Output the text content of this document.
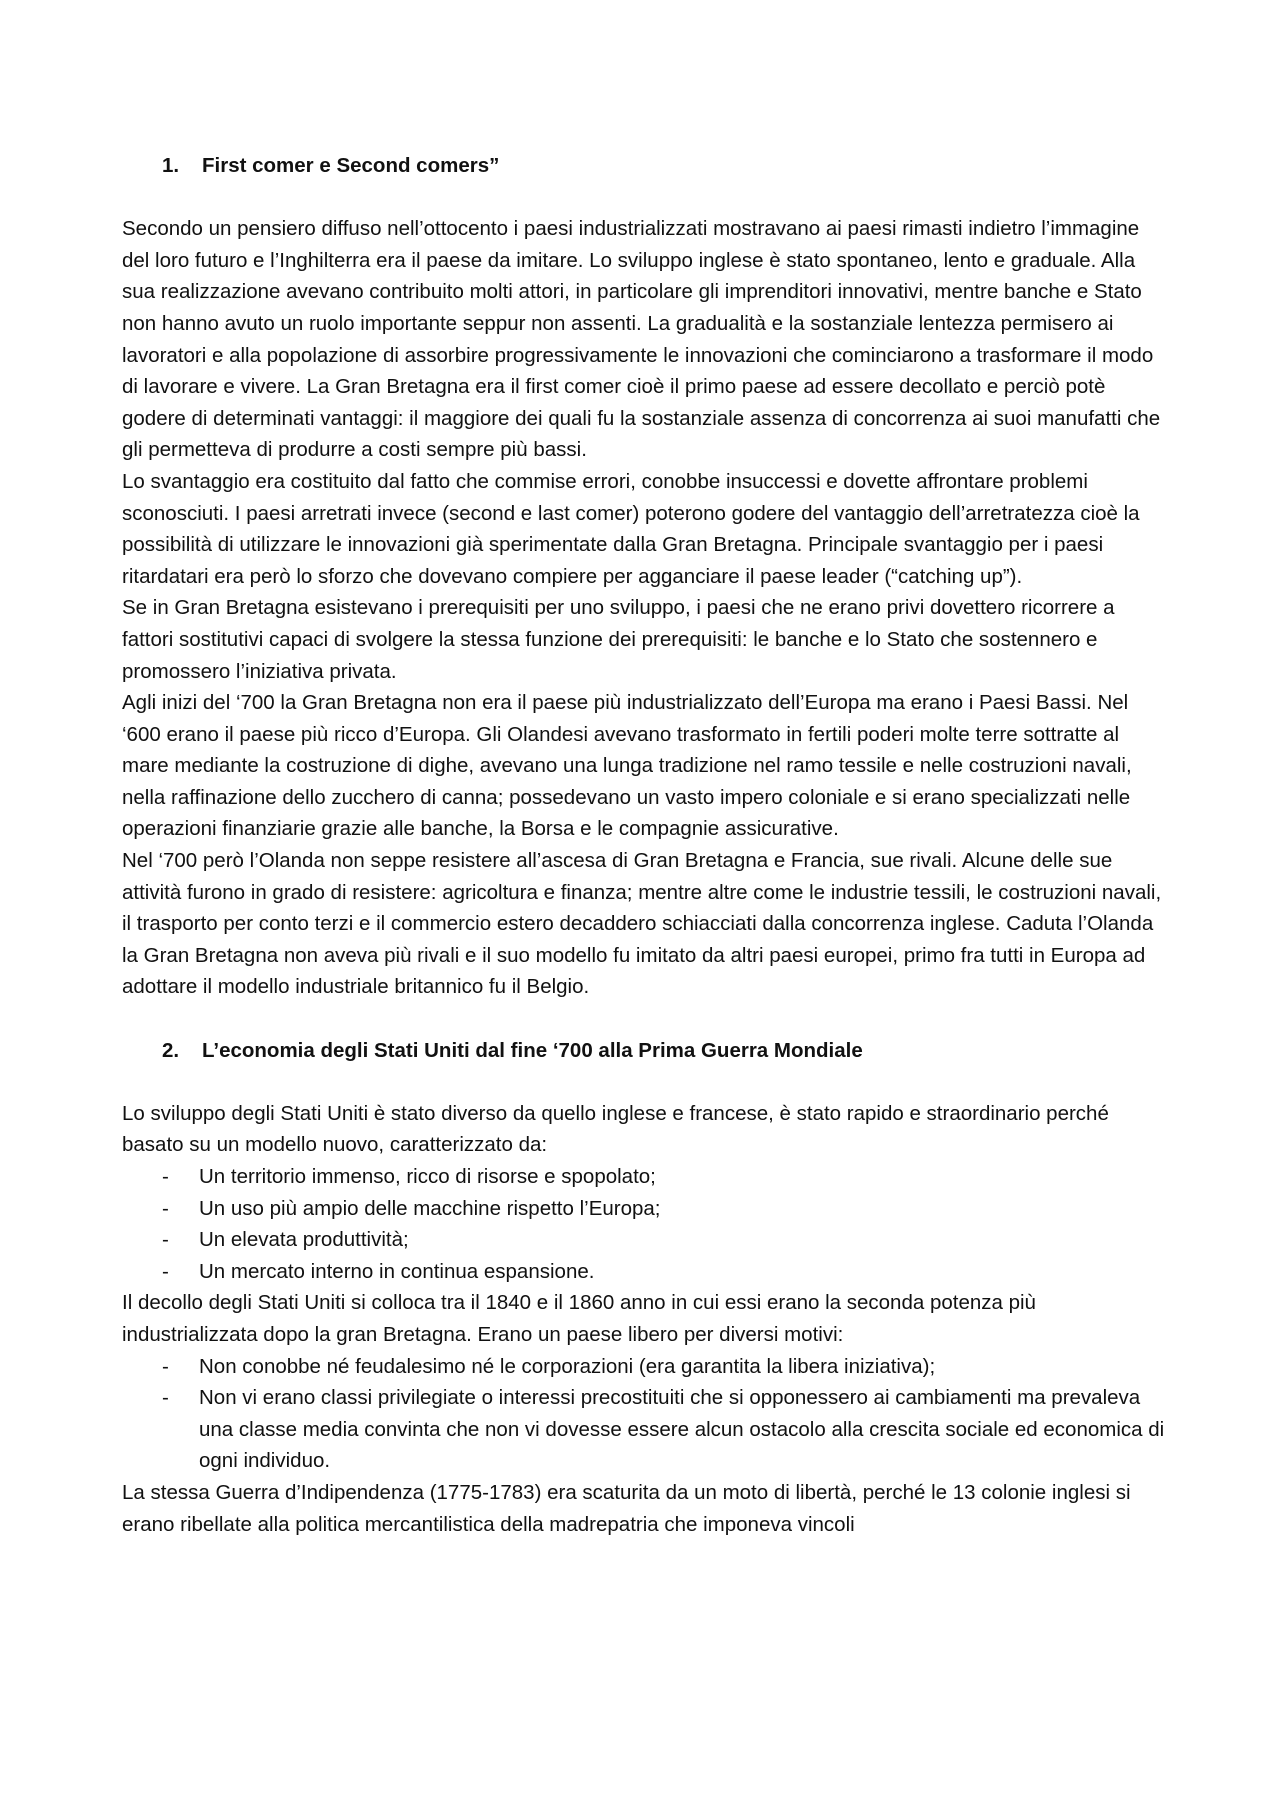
1.	First comer e Second comers”

Secondo un pensiero diffuso nell’ottocento i paesi industrializzati mostravano ai paesi rimasti indietro l’immagine del loro futuro e l’Inghilterra era il paese da imitare. Lo sviluppo inglese è stato spontaneo, lento e graduale. Alla sua realizzazione avevano contribuito molti attori, in particolare gli imprenditori innovativi, mentre banche e Stato non hanno avuto un ruolo importante seppur non assenti. La gradualità e la sostanziale lentezza permisero ai lavoratori e alla popolazione di assorbire progressivamente le innovazioni che cominciarono a trasformare il modo di lavorare e vivere. La Gran Bretagna era il first comer cioè il primo paese ad essere decollato e perciò potè godere di determinati vantaggi: il maggiore dei quali fu la sostanziale assenza di concorrenza ai suoi manufatti che gli permetteva di produrre a costi sempre più bassi.

Lo svantaggio era costituito dal fatto che commise errori, conobbe insuccessi e dovette affrontare problemi sconosciuti. I paesi arretrati invece (second e last comer) poterono godere del vantaggio dell’arretratezza cioè la possibilità di utilizzare le innovazioni già sperimentate dalla Gran Bretagna. Principale svantaggio per i paesi ritardatari era però lo sforzo che dovevano compiere per agganciare il paese leader (“catching up”).

Se in Gran Bretagna esistevano i prerequisiti per uno sviluppo, i paesi che ne erano privi dovettero ricorrere a fattori sostitutivi capaci di svolgere la stessa funzione dei prerequisiti: le banche e lo Stato che sostennero e promossero l’iniziativa privata.

Agli inizi del ‘700 la Gran Bretagna non era il paese più industrializzato dell’Europa ma erano i Paesi Bassi. Nel ‘600 erano il paese più ricco d’Europa. Gli Olandesi avevano trasformato in fertili poderi molte terre sottratte al mare mediante la costruzione di dighe, avevano una lunga tradizione nel ramo tessile e nelle costruzioni navali, nella raffinazione dello zucchero di canna; possedevano un vasto impero coloniale e si erano specializzati nelle operazioni finanziarie grazie alle banche, la Borsa e le compagnie assicurative.

Nel ‘700 però l’Olanda non seppe resistere all’ascesa di Gran Bretagna e Francia, sue rivali. Alcune delle sue attività furono in grado di resistere: agricoltura e finanza; mentre altre come le industrie tessili, le costruzioni navali, il trasporto per conto terzi e il commercio estero decaddero schiacciati dalla concorrenza inglese. Caduta l’Olanda la Gran Bretagna non aveva più rivali e il suo modello fu imitato da altri paesi europei, primo fra tutti in Europa ad adottare il modello industriale britannico fu il Belgio.

2.	L’economia degli Stati Uniti dal fine ‘700 alla Prima Guerra Mondiale

Lo sviluppo degli Stati Uniti è stato diverso da quello inglese e francese, è stato rapido e straordinario perché basato su un modello nuovo, caratterizzato da:

-	Un territorio immenso, ricco di risorse e spopolato;
-	Un uso più ampio delle macchine rispetto l’Europa;
-	Un elevata produttività;
-	Un mercato interno in continua espansione.

Il decollo degli Stati Uniti si colloca tra il 1840 e il 1860 anno in cui essi erano la seconda potenza più industrializzata dopo la gran Bretagna. Erano un paese libero per diversi motivi:

-	Non conobbe né feudalesimo né le corporazioni (era garantita la libera iniziativa);
-	Non vi erano classi privilegiate o interessi precostituiti che si opponessero ai cambiamenti ma prevaleva una classe media convinta che non vi dovesse essere alcun ostacolo alla crescita sociale ed economica di ogni individuo.

La stessa Guerra d’Indipendenza (1775-1783) era scaturita da un moto di libertà, perché le 13 colonie inglesi si erano ribellate alla politica mercantilistica della madrepatria che imponeva vincoli
